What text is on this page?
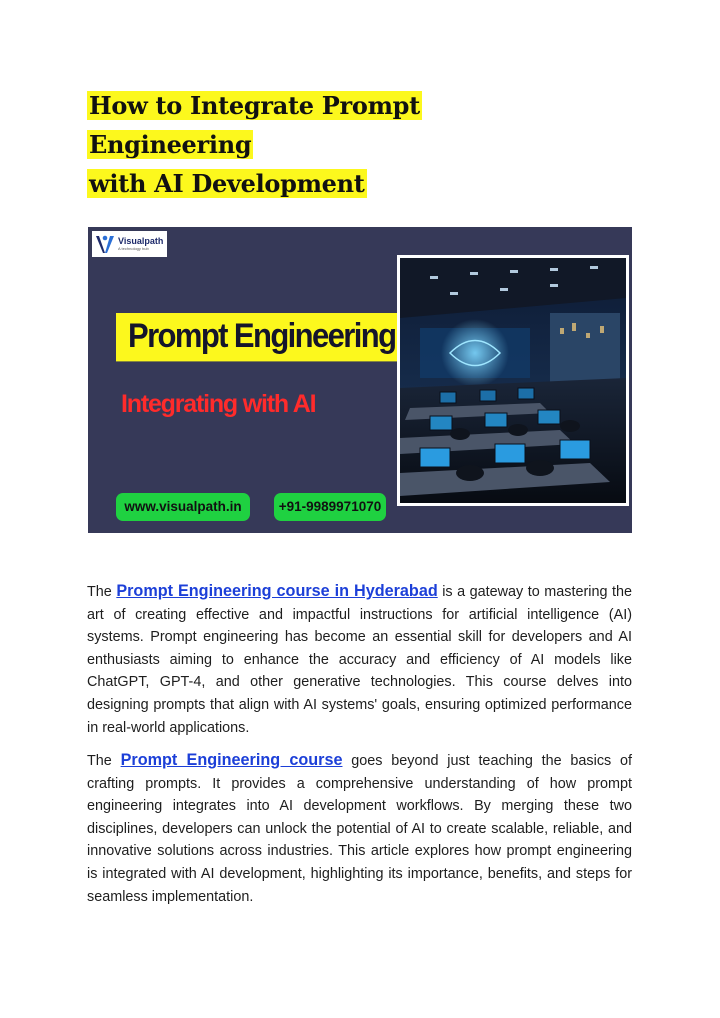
How to Integrate Prompt Engineering
with AI Development
Visualpath
A technology hub
Prompt Engineering
Integrating with AI
www.visualpath.in	+91-9989971070

The Prompt Engineering course in Hyderabad is a gateway to mastering the art of creating effective and impactful instructions for artificial intelligence (AI) systems. Prompt engineering has become an essential skill for developers and AI enthusiasts aiming to enhance the accuracy and efficiency of AI models like ChatGPT, GPT-4, and other generative technologies. This course delves into designing prompts that align with AI systems' goals, ensuring optimized performance in real-world applications.

The Prompt Engineering course goes beyond just teaching the basics of crafting prompts. It provides a comprehensive understanding of how prompt engineering integrates into AI development workflows. By merging these two disciplines, developers can unlock the potential of AI to create scalable, reliable, and innovative solutions across industries. This article explores how prompt engineering is integrated with AI development, highlighting its importance, benefits, and steps for seamless implementation.
